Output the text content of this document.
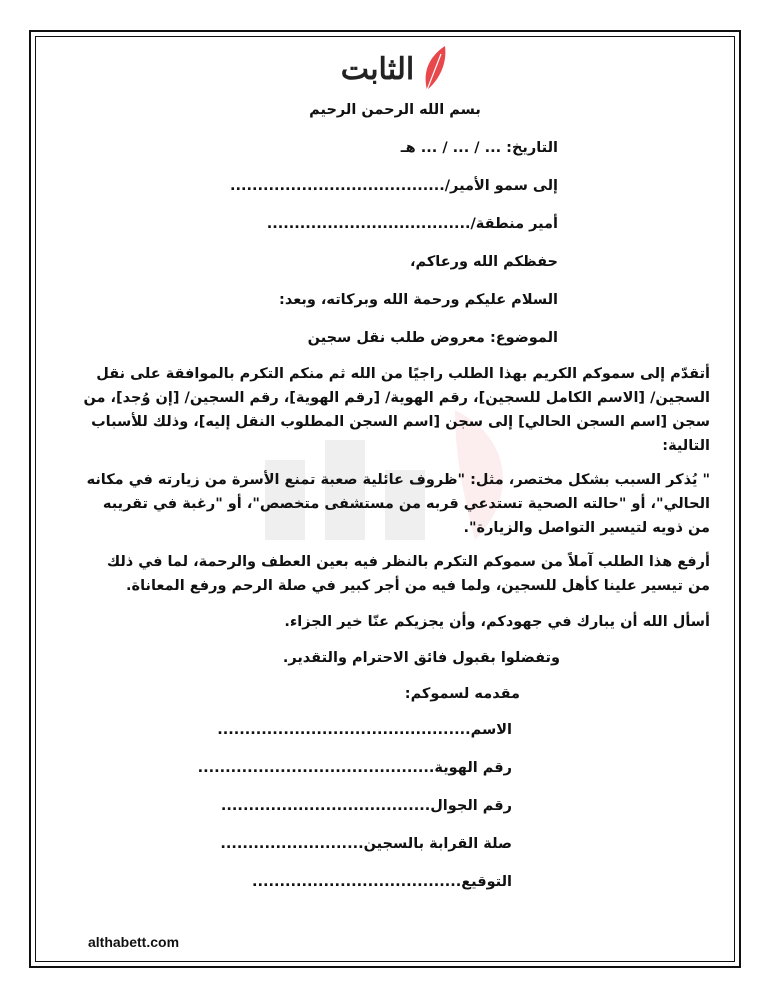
الثابت

بسم الله الرحمن الرحيم

التاريخ: ... / ... / ... هـ

إلى سمو الأمير/.......................................

أمير منطقة/.....................................

حفظكم الله ورعاكم،

السلام عليكم ورحمة الله وبركاته، وبعد:

الموضوع: معروض طلب نقل سجين

أتقدّم إلى سموكم الكريم بهذا الطلب راجيًا من الله ثم منكم التكرم بالموافقة على نقل السجين/ [الاسم الكامل للسجين]، رقم الهوية/ [رقم الهوية]، رقم السجين/ [إن وُجد]، من سجن [اسم السجن الحالي] إلى سجن [اسم السجن المطلوب النقل إليه]، وذلك للأسباب التالية:

" يُذكر السبب بشكل مختصر، مثل: "ظروف عائلية صعبة تمنع الأسرة من زيارته في مكانه الحالي"، أو "حالته الصحية تستدعي قربه من مستشفى متخصص"، أو "رغبة في تقريبه من ذويه لتيسير التواصل والزيارة".

أرفع هذا الطلب آملاً من سموكم التكرم بالنظر فيه بعين العطف والرحمة، لما في ذلك من تيسير علينا كأهل للسجين، ولما فيه من أجر كبير في صلة الرحم ورفع المعاناة.

أسأل الله أن يبارك في جهودكم، وأن يجزيكم عنّا خير الجزاء.

وتفضلوا بقبول فائق الاحترام والتقدير.

مقدمه لسموكم:

الاسم..............................................

رقم الهوية...........................................

رقم الجوال......................................

صلة القرابة بالسجين..........................

التوقيع......................................

althabett.com
